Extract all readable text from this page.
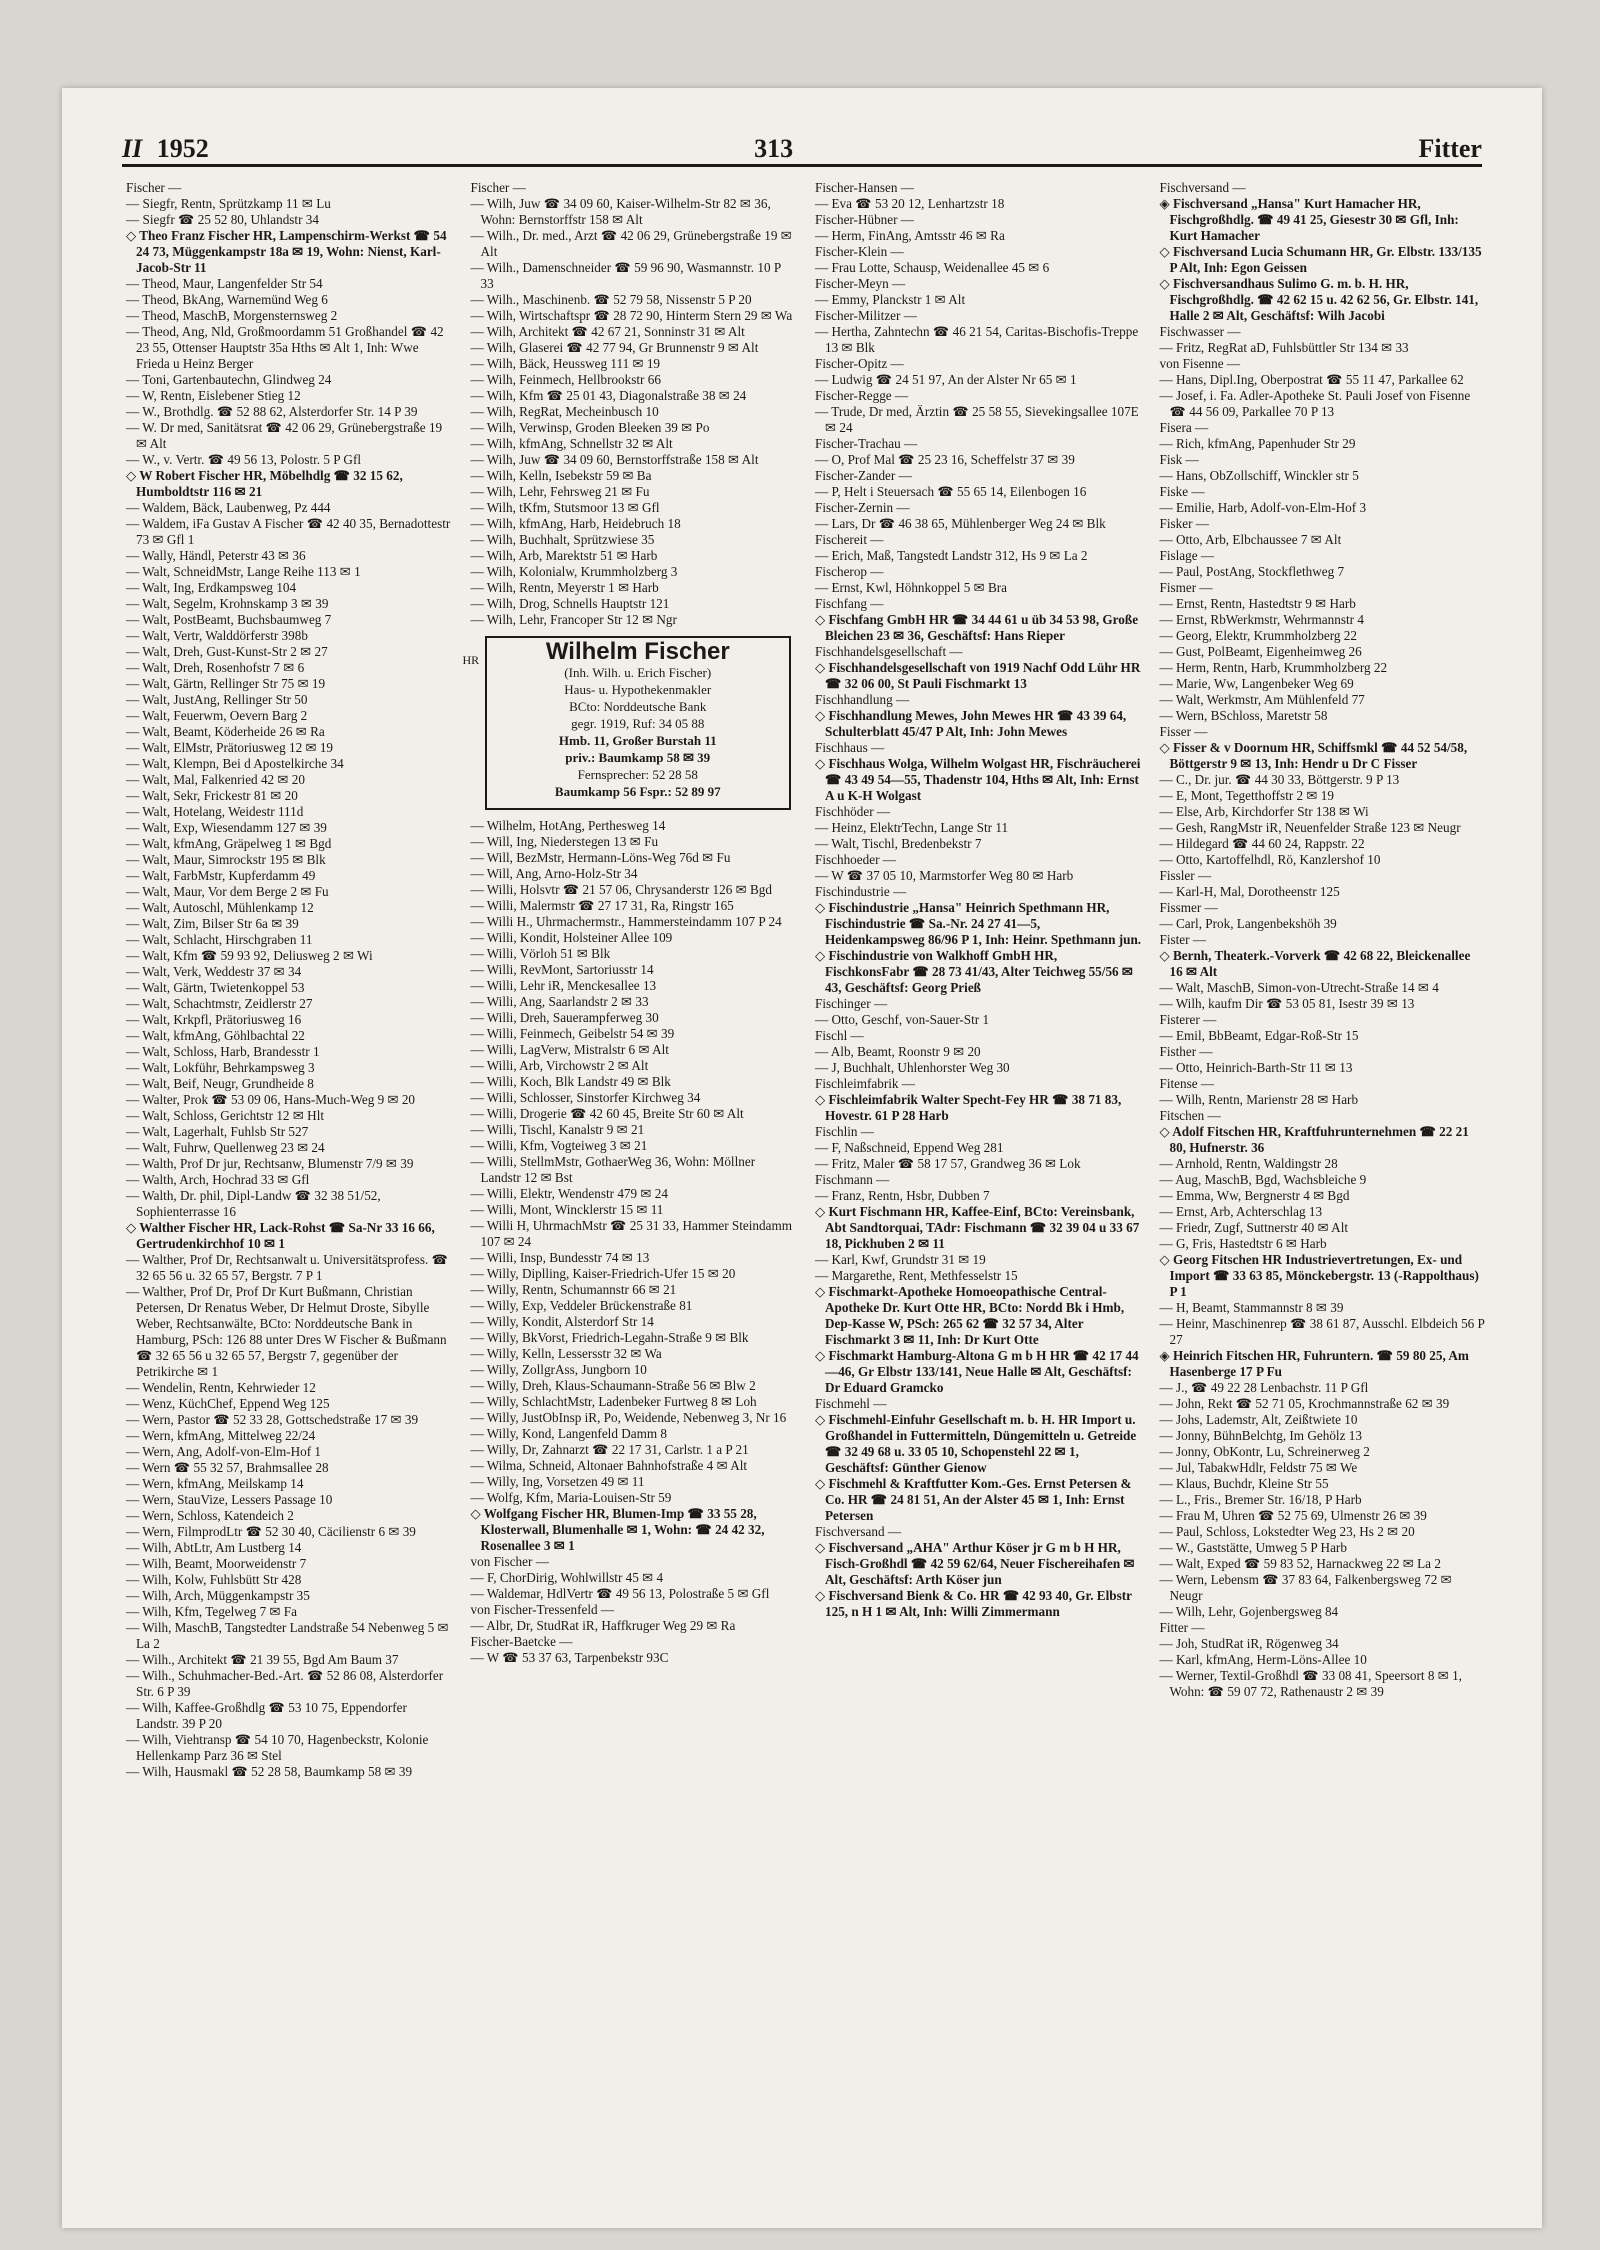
II 1952	313	Fitter

Fischer —

— Siegfr, Rentn, Sprützkamp 11 ✉ Lu

— Siegfr ☎ 25 52 80, Uhlandstr 34

◇ Theo Franz Fischer HR, Lampenschirm-Werkst ☎ 54 24 73, Müggenkampstr 18a ✉ 19, Wohn: Nienst, Karl-Jacob-Str 11

— Theod, Maur, Langenfelder Str 54

— Theod, BkAng, Warnemünd Weg 6

— Theod, MaschB, Morgensternsweg 2

— Theod, Ang, Nld, Großmoordamm 51 Großhandel ☎ 42 23 55, Ottenser Hauptstr 35a Hths ✉ Alt 1, Inh: Wwe Frieda u Heinz Berger

— Toni, Gartenbautechn, Glindweg 24

— W, Rentn, Eislebener Stieg 12

— W., Brothdlg. ☎ 52 88 62, Alsterdorfer Str. 14 P 39

— W. Dr med, Sanitätsrat ☎ 42 06 29, Grünebergstraße 19 ✉ Alt

— W., v. Vertr. ☎ 49 56 13, Polostr. 5 P Gfl

◇ W Robert Fischer HR, Möbelhdlg ☎ 32 15 62, Humboldtstr 116 ✉ 21

— Waldem, Bäck, Laubenweg, Pz 444

— Waldem, iFa Gustav A Fischer ☎ 42 40 35, Bernadottestr 73 ✉ Gfl 1

— Wally, Händl, Peterstr 43 ✉ 36

— Walt, SchneidMstr, Lange Reihe 113 ✉ 1

— Walt, Ing, Erdkampsweg 104

— Walt, Segelm, Krohnskamp 3 ✉ 39

— Walt, PostBeamt, Buchsbaumweg 7

— Walt, Vertr, Walddörferstr 398b

— Walt, Dreh, Gust-Kunst-Str 2 ✉ 27

— Walt, Dreh, Rosenhofstr 7 ✉ 6

— Walt, Gärtn, Rellinger Str 75 ✉ 19

— Walt, JustAng, Rellinger Str 50

— Walt, Feuerwm, Oevern Barg 2

— Walt, Beamt, Köderheide 26 ✉ Ra

— Walt, ElMstr, Prätoriusweg 12 ✉ 19

— Walt, Klempn, Bei d Apostelkirche 34

— Walt, Mal, Falkenried 42 ✉ 20

— Walt, Sekr, Frickestr 81 ✉ 20

— Walt, Hotelang, Weidestr 111d

— Walt, Exp, Wiesendamm 127 ✉ 39

— Walt, kfmAng, Gräpelweg 1 ✉ Bgd

— Walt, Maur, Simrockstr 195 ✉ Blk

— Walt, FarbMstr, Kupferdamm 49

— Walt, Maur, Vor dem Berge 2 ✉ Fu

— Walt, Autoschl, Mühlenkamp 12

— Walt, Zim, Bilser Str 6a ✉ 39

— Walt, Schlacht, Hirschgraben 11

— Walt, Kfm ☎ 59 93 92, Deliusweg 2 ✉ Wi

— Walt, Verk, Weddestr 37 ✉ 34

— Walt, Gärtn, Twietenkoppel 53

— Walt, Schachtmstr, Zeidlerstr 27

— Walt, Krkpfl, Prätoriusweg 16

— Walt, kfmAng, Göhlbachtal 22

— Walt, Schloss, Harb, Brandesstr 1

— Walt, Lokführ, Behrkampsweg 3

— Walt, Beif, Neugr, Grundheide 8

— Walter, Prok ☎ 53 09 06, Hans-Much-Weg 9 ✉ 20

— Walt, Schloss, Gerichtstr 12 ✉ Hlt

— Walt, Lagerhalt, Fuhlsb Str 527

— Walt, Fuhrw, Quellenweg 23 ✉ 24

— Walth, Prof Dr jur, Rechtsanw, Blumenstr 7/9 ✉ 39

— Walth, Arch, Hochrad 33 ✉ Gfl

— Walth, Dr. phil, Dipl-Landw ☎ 32 38 51/52, Sophienterrasse 16

◇ Walther Fischer HR, Lack-Rohst ☎ Sa-Nr 33 16 66, Gertrudenkirchhof 10 ✉ 1

— Walther, Prof Dr, Rechtsanwalt u. Universitätsprofess. ☎ 32 65 56 u. 32 65 57, Bergstr. 7 P 1

— Walther, Prof Dr, Prof Dr Kurt Bußmann, Christian Petersen, Dr Renatus Weber, Dr Helmut Droste, Sibylle Weber, Rechtsanwälte, BCto: Norddeutsche Bank in Hamburg, PSch: 126 88 unter Dres W Fischer & Bußmann ☎ 32 65 56 u 32 65 57, Bergstr 7, gegenüber der Petrikirche ✉ 1

— Wendelin, Rentn, Kehrwieder 12

— Wenz, KüchChef, Eppend Weg 125

— Wern, Pastor ☎ 52 33 28, Gottschedstraße 17 ✉ 39

— Wern, kfmAng, Mittelweg 22/24

— Wern, Ang, Adolf-von-Elm-Hof 1

— Wern ☎ 55 32 57, Brahmsallee 28

— Wern, kfmAng, Meilskamp 14

— Wern, StauVize, Lessers Passage 10

— Wern, Schloss, Katendeich 2

— Wern, FilmprodLtr ☎ 52 30 40, Cäcilienstr 6 ✉ 39

— Wilh, AbtLtr, Am Lustberg 14

— Wilh, Beamt, Moorweidenstr 7

— Wilh, Kolw, Fuhlsbütt Str 428

— Wilh, Arch, Müggenkampstr 35

— Wilh, Kfm, Tegelweg 7 ✉ Fa

— Wilh, MaschB, Tangstedter Landstraße 54 Nebenweg 5 ✉ La 2

— Wilh., Architekt ☎ 21 39 55, Bgd Am Baum 37

— Wilh., Schuhmacher-Bed.-Art. ☎ 52 86 08, Alsterdorfer Str. 6 P 39

— Wilh, Kaffee-Großhdlg ☎ 53 10 75, Eppendorfer Landstr. 39 P 20

— Wilh, Viehtransp ☎ 54 10 70, Hagenbeckstr, Kolonie Hellenkamp Parz 36 ✉ Stel

— Wilh, Hausmakl ☎ 52 28 58, Baumkamp 58 ✉ 39

Fischer —

— Wilh, Juw ☎ 34 09 60, Kaiser-Wilhelm-Str 82 ✉ 36, Wohn: Bernstorffstr 158 ✉ Alt

— Wilh., Dr. med., Arzt ☎ 42 06 29, Grünebergstraße 19 ✉ Alt

— Wilh., Damenschneider ☎ 59 96 90, Wasmannstr. 10 P 33

— Wilh., Maschinenb. ☎ 52 79 58, Nissenstr 5 P 20

— Wilh, Wirtschaftspr ☎ 28 72 90, Hinterm Stern 29 ✉ Wa

— Wilh, Architekt ☎ 42 67 21, Sonninstr 31 ✉ Alt

— Wilh, Glaserei ☎ 42 77 94, Gr Brunnenstr 9 ✉ Alt

— Wilh, Bäck, Heussweg 111 ✉ 19

— Wilh, Feinmech, Hellbrookstr 66

— Wilh, Kfm ☎ 25 01 43, Diagonalstraße 38 ✉ 24

— Wilh, RegRat, Mecheinbusch 10

— Wilh, Verwinsp, Groden Bleeken 39 ✉ Po

— Wilh, kfmAng, Schnellstr 32 ✉ Alt

— Wilh, Juw ☎ 34 09 60, Bernstorffstraße 158 ✉ Alt

— Wilh, Kelln, Isebekstr 59 ✉ Ba

— Wilh, Lehr, Fehrsweg 21 ✉ Fu

— Wilh, tKfm, Stutsmoor 13 ✉ Gfl

— Wilh, kfmAng, Harb, Heidebruch 18

— Wilh, Buchhalt, Sprützwiese 35

— Wilh, Arb, Marektstr 51 ✉ Harb

— Wilh, Kolonialw, Krummholzberg 3

— Wilh, Rentn, Meyerstr 1 ✉ Harb

— Wilh, Drog, Schnells Hauptstr 121

— Wilh, Lehr, Francoper Str 12 ✉ Ngr

HR	Wilhelm Fischer
(Inh. Wilh. u. Erich Fischer)
Haus- u. Hypothekenmakler
BCto: Norddeutsche Bank
gegr. 1919, Ruf: 34 05 88
Hmb. 11, Großer Burstah 11
priv.: Baumkamp 58 ✉ 39
Fernsprecher: 52 28 58
Baumkamp 56 Fspr.: 52 89 97

— Wilhelm, HotAng, Perthesweg 14

— Will, Ing, Niederstegen 13 ✉ Fu

— Will, BezMstr, Hermann-Löns-Weg 76d ✉ Fu

— Will, Ang, Arno-Holz-Str 34

— Willi, Holsvtr ☎ 21 57 06, Chrysanderstr 126 ✉ Bgd

— Willi, Malermstr ☎ 27 17 31, Ra, Ringstr 165

— Willi H., Uhrmachermstr., Hammersteindamm 107 P 24

— Willi, Kondit, Holsteiner Allee 109

— Willi, Vörloh 51 ✉ Blk

— Willi, RevMont, Sartoriusstr 14

— Willi, Lehr iR, Menckesallee 13

— Willi, Ang, Saarlandstr 2 ✉ 33

— Willi, Dreh, Sauerampferweg 30

— Willi, Feinmech, Geibelstr 54 ✉ 39

— Willi, LagVerw, Mistralstr 6 ✉ Alt

— Willi, Arb, Virchowstr 2 ✉ Alt

— Willi, Koch, Blk Landstr 49 ✉ Blk

— Willi, Schlosser, Sinstorfer Kirchweg 34

— Willi, Drogerie ☎ 42 60 45, Breite Str 60 ✉ Alt

— Willi, Tischl, Kanalstr 9 ✉ 21

— Willi, Kfm, Vogteiweg 3 ✉ 21

— Willi, StellmMstr, GothaerWeg 36, Wohn: Möllner Landstr 12 ✉ Bst

— Willi, Elektr, Wendenstr 479 ✉ 24

— Willi, Mont, Wincklerstr 15 ✉ 11

— Willi H, UhrmachMstr ☎ 25 31 33, Hammer Steindamm 107 ✉ 24

— Willi, Insp, Bundesstr 74 ✉ 13

— Willy, Diplling, Kaiser-Friedrich-Ufer 15 ✉ 20

— Willy, Rentn, Schumannstr 66 ✉ 21

— Willy, Exp, Veddeler Brückenstraße 81

— Willy, Kondit, Alsterdorf Str 14

— Willy, BkVorst, Friedrich-Legahn-Straße 9 ✉ Blk

— Willy, Kelln, Lessersstr 32 ✉ Wa

— Willy, ZollgrAss, Jungborn 10

— Willy, Dreh, Klaus-Schaumann-Straße 56 ✉ Blw 2

— Willy, SchlachtMstr, Ladenbeker Furtweg 8 ✉ Loh

— Willy, JustObInsp iR, Po, Weidende, Nebenweg 3, Nr 16

— Willy, Kond, Langenfeld Damm 8

— Willy, Dr, Zahnarzt ☎ 22 17 31, Carlstr. 1 a P 21

— Wilma, Schneid, Altonaer Bahnhofstraße 4 ✉ Alt

— Willy, Ing, Vorsetzen 49 ✉ 11

— Wolfg, Kfm, Maria-Louisen-Str 59

◇ Wolfgang Fischer HR, Blumen-Imp ☎ 33 55 28, Klosterwall, Blumenhalle ✉ 1, Wohn: ☎ 24 42 32, Rosenallee 3 ✉ 1

von Fischer —

— F, ChorDirig, Wohlwillstr 45 ✉ 4

— Waldemar, HdlVertr ☎ 49 56 13, Polostraße 5 ✉ Gfl

von Fischer-Tressenfeld —

— Albr, Dr, StudRat iR, Haffkruger Weg 29 ✉ Ra

Fischer-Baetcke —

— W ☎ 53 37 63, Tarpenbekstr 93C

Fischer-Hansen —

— Eva ☎ 53 20 12, Lenhartzstr 18

Fischer-Hübner —

— Herm, FinAng, Amtsstr 46 ✉ Ra

Fischer-Klein —

— Frau Lotte, Schausp, Weidenallee 45 ✉ 6

Fischer-Meyn —

— Emmy, Planckstr 1 ✉ Alt

Fischer-Militzer —

— Hertha, Zahntechn ☎ 46 21 54, Caritas-Bischofis-Treppe 13 ✉ Blk

Fischer-Opitz —

— Ludwig ☎ 24 51 97, An der Alster Nr 65 ✉ 1

Fischer-Regge —

— Trude, Dr med, Ärztin ☎ 25 58 55, Sievekingsallee 107E ✉ 24

Fischer-Trachau —

— O, Prof Mal ☎ 25 23 16, Scheffelstr 37 ✉ 39

Fischer-Zander —

— P, Helt i Steuersach ☎ 55 65 14, Eilenbogen 16

Fischer-Zernin —

— Lars, Dr ☎ 46 38 65, Mühlenberger Weg 24 ✉ Blk

Fischereit —

— Erich, Maß, Tangstedt Landstr 312, Hs 9 ✉ La 2

Fischerop —

— Ernst, Kwl, Höhnkoppel 5 ✉ Bra

Fischfang —

◇ Fischfang GmbH HR ☎ 34 44 61 u üb 34 53 98, Große Bleichen 23 ✉ 36, Geschäftsf: Hans Rieper

Fischhandelsgesellschaft —

◇ Fischhandelsgesellschaft von 1919 Nachf Odd Lühr HR ☎ 32 06 00, St Pauli Fischmarkt 13

Fischhandlung —

◇ Fischhandlung Mewes, John Mewes HR ☎ 43 39 64, Schulterblatt 45/47 P Alt, Inh: John Mewes

Fischhaus —

◇ Fischhaus Wolga, Wilhelm Wolgast HR, Fischräucherei ☎ 43 49 54—55, Thadenstr 104, Hths ✉ Alt, Inh: Ernst A u K-H Wolgast

Fischhöder —

— Heinz, ElektrTechn, Lange Str 11

— Walt, Tischl, Bredenbekstr 7

Fischhoeder —

— W ☎ 37 05 10, Marmstorfer Weg 80 ✉ Harb

Fischindustrie —

◇ Fischindustrie „Hansa" Heinrich Spethmann HR, Fischindustrie ☎ Sa.-Nr. 24 27 41—5, Heidenkampsweg 86/96 P 1, Inh: Heinr. Spethmann jun.

◇ Fischindustrie von Walkhoff GmbH HR, FischkonsFabr ☎ 28 73 41/43, Alter Teichweg 55/56 ✉ 43, Geschäftsf: Georg Prieß

Fischinger —

— Otto, Geschf, von-Sauer-Str 1

Fischl —

— Alb, Beamt, Roonstr 9 ✉ 20

— J, Buchhalt, Uhlenhorster Weg 30

Fischleimfabrik —

◇ Fischleimfabrik Walter Specht-Fey HR ☎ 38 71 83, Hovestr. 61 P 28 Harb

Fischlin —

— F, Naßschneid, Eppend Weg 281

— Fritz, Maler ☎ 58 17 57, Grandweg 36 ✉ Lok

Fischmann —

— Franz, Rentn, Hsbr, Dubben 7

◇ Kurt Fischmann HR, Kaffee-Einf, BCto: Vereinsbank, Abt Sandtorquai, TAdr: Fischmann ☎ 32 39 04 u 33 67 18, Pickhuben 2 ✉ 11

— Karl, Kwf, Grundstr 31 ✉ 19

— Margarethe, Rent, Methfesselstr 15

◇ Fischmarkt-Apotheke Homoeopathische Central-Apotheke Dr. Kurt Otte HR, BCto: Nordd Bk i Hmb, Dep-Kasse W, PSch: 265 62 ☎ 32 57 34, Alter Fischmarkt 3 ✉ 11, Inh: Dr Kurt Otte

◇ Fischmarkt Hamburg-Altona G m b H HR ☎ 42 17 44—46, Gr Elbstr 133/141, Neue Halle ✉ Alt, Geschäftsf: Dr Eduard Gramcko

Fischmehl —

◇ Fischmehl-Einfuhr Gesellschaft m. b. H. HR Import u. Großhandel in Futtermitteln, Düngemitteln u. Getreide ☎ 32 49 68 u. 33 05 10, Schopenstehl 22 ✉ 1, Geschäftsf: Günther Gienow

◇ Fischmehl & Kraftfutter Kom.-Ges. Ernst Petersen & Co. HR ☎ 24 81 51, An der Alster 45 ✉ 1, Inh: Ernst Petersen

Fischversand —

◇ Fischversand „AHA" Arthur Köser jr G m b H HR, Fisch-Großhdl ☎ 42 59 62/64, Neuer Fischereihafen ✉ Alt, Geschäftsf: Arth Köser jun

◇ Fischversand Bienk & Co. HR ☎ 42 93 40, Gr. Elbstr 125, n H 1 ✉ Alt, Inh: Willi Zimmermann

Fischversand —

◈ Fischversand „Hansa" Kurt Hamacher HR, Fischgroßhdlg. ☎ 49 41 25, Giesestr 30 ✉ Gfl, Inh: Kurt Hamacher

◇ Fischversand Lucia Schumann HR, Gr. Elbstr. 133/135 P Alt, Inh: Egon Geissen

◇ Fischversandhaus Sulimo G. m. b. H. HR, Fischgroßhdlg. ☎ 42 62 15 u. 42 62 56, Gr. Elbstr. 141, Halle 2 ✉ Alt, Geschäftsf: Wilh Jacobi

Fischwasser —

— Fritz, RegRat aD, Fuhlsbüttler Str 134 ✉ 33

von Fisenne —

— Hans, Dipl.Ing, Oberpostrat ☎ 55 11 47, Parkallee 62

— Josef, i. Fa. Adler-Apotheke St. Pauli Josef von Fisenne ☎ 44 56 09, Parkallee 70 P 13

Fisera —

— Rich, kfmAng, Papenhuder Str 29

Fisk —

— Hans, ObZollschiff, Winckler str 5

Fiske —

— Emilie, Harb, Adolf-von-Elm-Hof 3

Fisker —

— Otto, Arb, Elbchaussee 7 ✉ Alt

Fislage —

— Paul, PostAng, Stockflethweg 7

Fismer —

— Ernst, Rentn, Hastedtstr 9 ✉ Harb

— Ernst, RbWerkmstr, Wehrmannstr 4

— Georg, Elektr, Krummholzberg 22

— Gust, PolBeamt, Eigenheimweg 26

— Herm, Rentn, Harb, Krummholzberg 22

— Marie, Ww, Langenbeker Weg 69

— Walt, Werkmstr, Am Mühlenfeld 77

— Wern, BSchloss, Maretstr 58

Fisser —

◇ Fisser & v Doornum HR, Schiffsmkl ☎ 44 52 54/58, Böttgerstr 9 ✉ 13, Inh: Hendr u Dr C Fisser

— C., Dr. jur. ☎ 44 30 33, Böttgerstr. 9 P 13

— E, Mont, Tegetthoffstr 2 ✉ 19

— Else, Arb, Kirchdorfer Str 138 ✉ Wi

— Gesh, RangMstr iR, Neuenfelder Straße 123 ✉ Neugr

— Hildegard ☎ 44 60 24, Rappstr. 22

— Otto, Kartoffelhdl, Rö, Kanzlershof 10

Fissler —

— Karl-H, Mal, Dorotheenstr 125

Fissmer —

— Carl, Prok, Langenbekshöh 39

Fister —

◇ Bernh, Theaterk.-Vorverk ☎ 42 68 22, Bleickenallee 16 ✉ Alt

— Walt, MaschB, Simon-von-Utrecht-Straße 14 ✉ 4

— Wilh, kaufm Dir ☎ 53 05 81, Isestr 39 ✉ 13

Fisterer —

— Emil, BbBeamt, Edgar-Roß-Str 15

Fisther —

— Otto, Heinrich-Barth-Str 11 ✉ 13

Fitense —

— Wilh, Rentn, Marienstr 28 ✉ Harb

Fitschen —

◇ Adolf Fitschen HR, Kraftfuhrunternehmen ☎ 22 21 80, Hufnerstr. 36

— Arnhold, Rentn, Waldingstr 28

— Aug, MaschB, Bgd, Wachsbleiche 9

— Emma, Ww, Bergnerstr 4 ✉ Bgd

— Ernst, Arb, Achterschlag 13

— Friedr, Zugf, Suttnerstr 40 ✉ Alt

— G, Fris, Hastedtstr 6 ✉ Harb

◇ Georg Fitschen HR Industrievertretungen, Ex- und Import ☎ 33 63 85, Mönckebergstr. 13 (-Rappolthaus) P 1

— H, Beamt, Stammannstr 8 ✉ 39

— Heinr, Maschinenrep ☎ 38 61 87, Ausschl. Elbdeich 56 P 27

◈ Heinrich Fitschen HR, Fuhruntern. ☎ 59 80 25, Am Hasenberge 17 P Fu

— J., ☎ 49 22 28 Lenbachstr. 11 P Gfl

— John, Rekt ☎ 52 71 05, Krochmannstraße 62 ✉ 39

— Johs, Lademstr, Alt, Zeißtwiete 10

— Jonny, BühnBelchtg, Im Gehölz 13

— Jonny, ObKontr, Lu, Schreinerweg 2

— Jul, TabakwHdlr, Feldstr 75 ✉ We

— Klaus, Buchdr, Kleine Str 55

— L., Fris., Bremer Str. 16/18, P Harb

— Frau M, Uhren ☎ 52 75 69, Ulmenstr 26 ✉ 39

— Paul, Schloss, Lokstedter Weg 23, Hs 2 ✉ 20

— W., Gaststätte, Umweg 5 P Harb

— Walt, Exped ☎ 59 83 52, Harnackweg 22 ✉ La 2

— Wern, Lebensm ☎ 37 83 64, Falkenbergsweg 72 ✉ Neugr

— Wilh, Lehr, Gojenbergsweg 84

Fitter —

— Joh, StudRat iR, Rögenweg 34

— Karl, kfmAng, Herm-Löns-Allee 10

— Werner, Textil-Großhdl ☎ 33 08 41, Speersort 8 ✉ 1, Wohn: ☎ 59 07 72, Rathenaustr 2 ✉ 39
